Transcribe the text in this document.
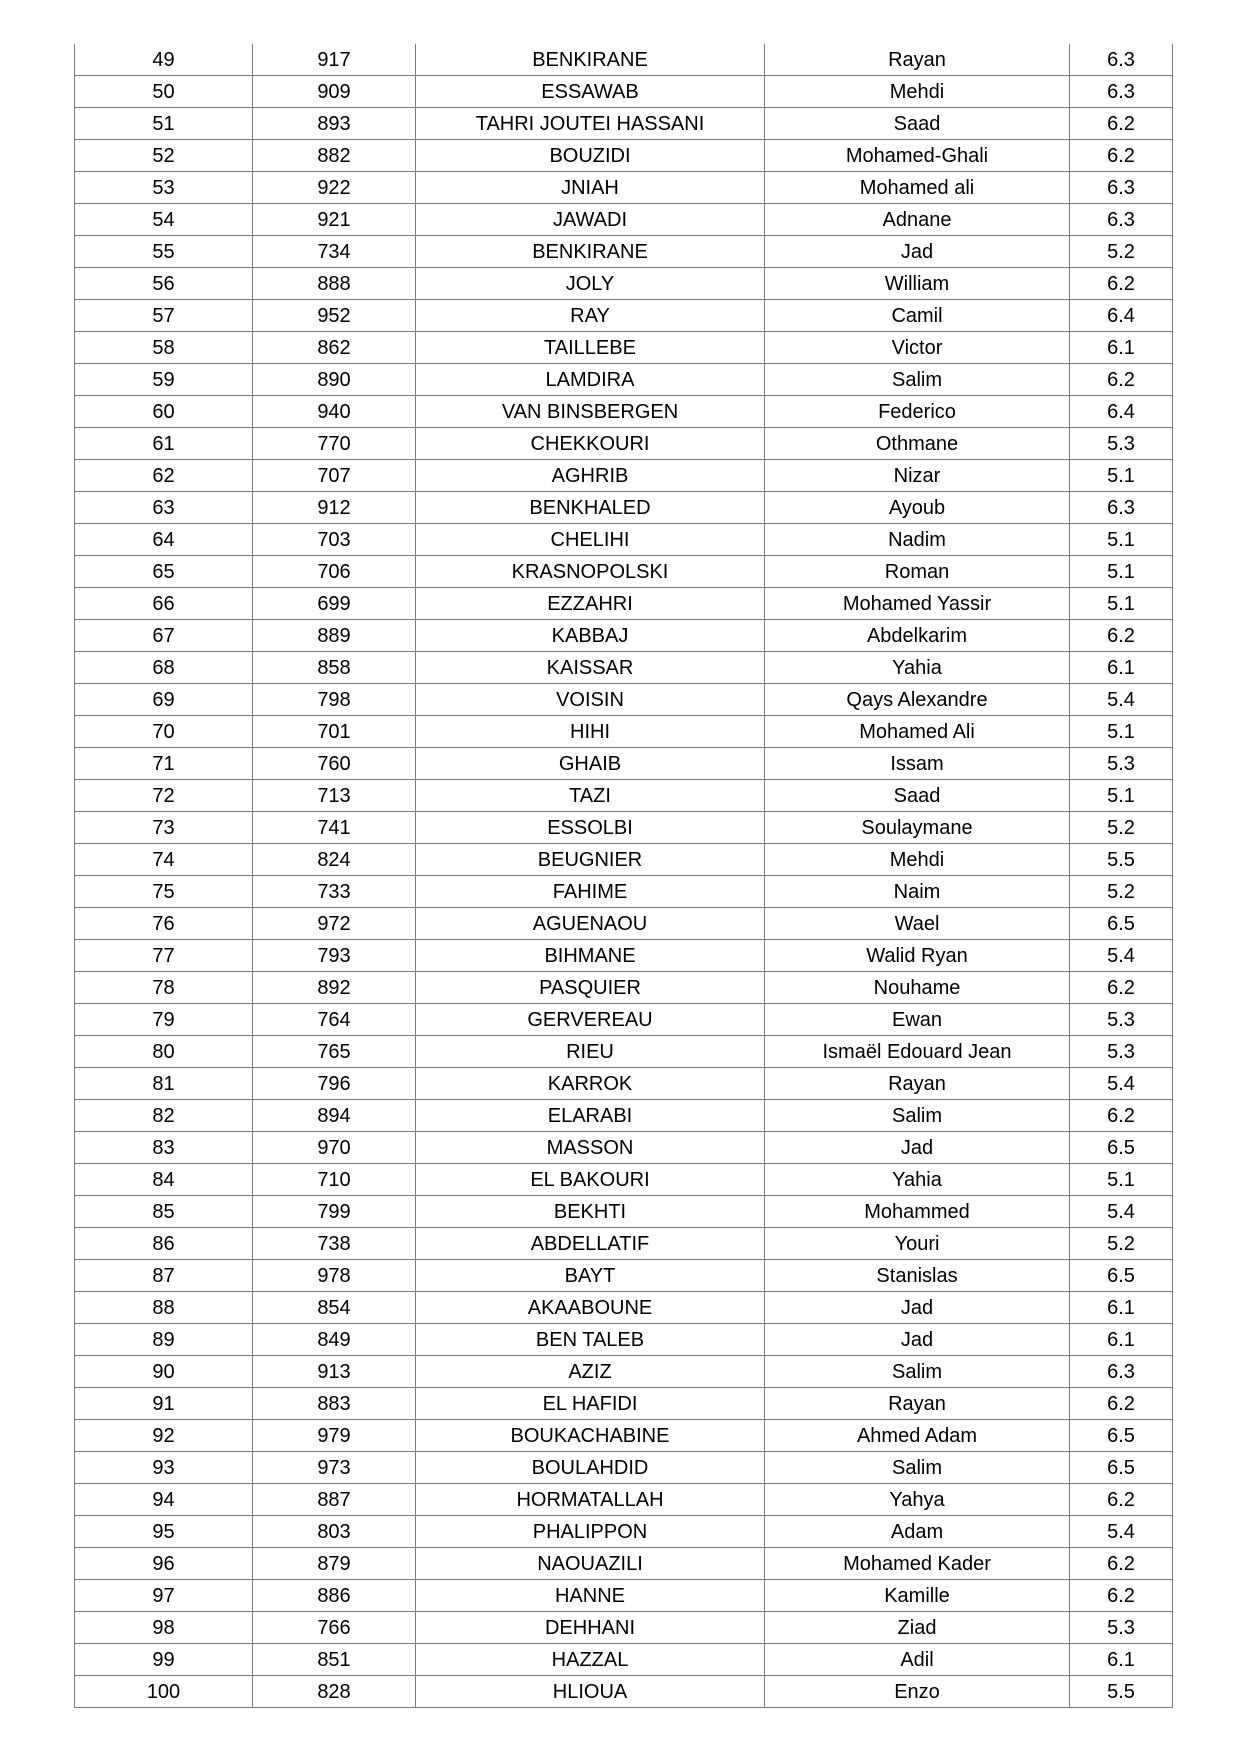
49	917	BENKIRANE	Rayan	6.3
50	909	ESSAWAB	Mehdi	6.3
51	893	TAHRI JOUTEI HASSANI	Saad	6.2
52	882	BOUZIDI	Mohamed-Ghali	6.2
53	922	JNIAH	Mohamed ali	6.3
54	921	JAWADI	Adnane	6.3
55	734	BENKIRANE	Jad	5.2
56	888	JOLY	William	6.2
57	952	RAY	Camil	6.4
58	862	TAILLEBE	Victor	6.1
59	890	LAMDIRA	Salim	6.2
60	940	VAN BINSBERGEN	Federico	6.4
61	770	CHEKKOURI	Othmane	5.3
62	707	AGHRIB	Nizar	5.1
63	912	BENKHALED	Ayoub	6.3
64	703	CHELIHI	Nadim	5.1
65	706	KRASNOPOLSKI	Roman	5.1
66	699	EZZAHRI	Mohamed Yassir	5.1
67	889	KABBAJ	Abdelkarim	6.2
68	858	KAISSAR	Yahia	6.1
69	798	VOISIN	Qays Alexandre	5.4
70	701	HIHI	Mohamed Ali	5.1
71	760	GHAIB	Issam	5.3
72	713	TAZI	Saad	5.1
73	741	ESSOLBI	Soulaymane	5.2
74	824	BEUGNIER	Mehdi	5.5
75	733	FAHIME	Naim	5.2
76	972	AGUENAOU	Wael	6.5
77	793	BIHMANE	Walid Ryan	5.4
78	892	PASQUIER	Nouhame	6.2
79	764	GERVEREAU	Ewan	5.3
80	765	RIEU	Ismaël Edouard Jean	5.3
81	796	KARROK	Rayan	5.4
82	894	ELARABI	Salim	6.2
83	970	MASSON	Jad	6.5
84	710	EL BAKOURI	Yahia	5.1
85	799	BEKHTI	Mohammed	5.4
86	738	ABDELLATIF	Youri	5.2
87	978	BAYT	Stanislas	6.5
88	854	AKAABOUNE	Jad	6.1
89	849	BEN TALEB	Jad	6.1
90	913	AZIZ	Salim	6.3
91	883	EL HAFIDI	Rayan	6.2
92	979	BOUKACHABINE	Ahmed Adam	6.5
93	973	BOULAHDID	Salim	6.5
94	887	HORMATALLAH	Yahya	6.2
95	803	PHALIPPON	Adam	5.4
96	879	NAOUAZILI	Mohamed Kader	6.2
97	886	HANNE	Kamille	6.2
98	766	DEHHANI	Ziad	5.3
99	851	HAZZAL	Adil	6.1
100	828	HLIOUA	Enzo	5.5
